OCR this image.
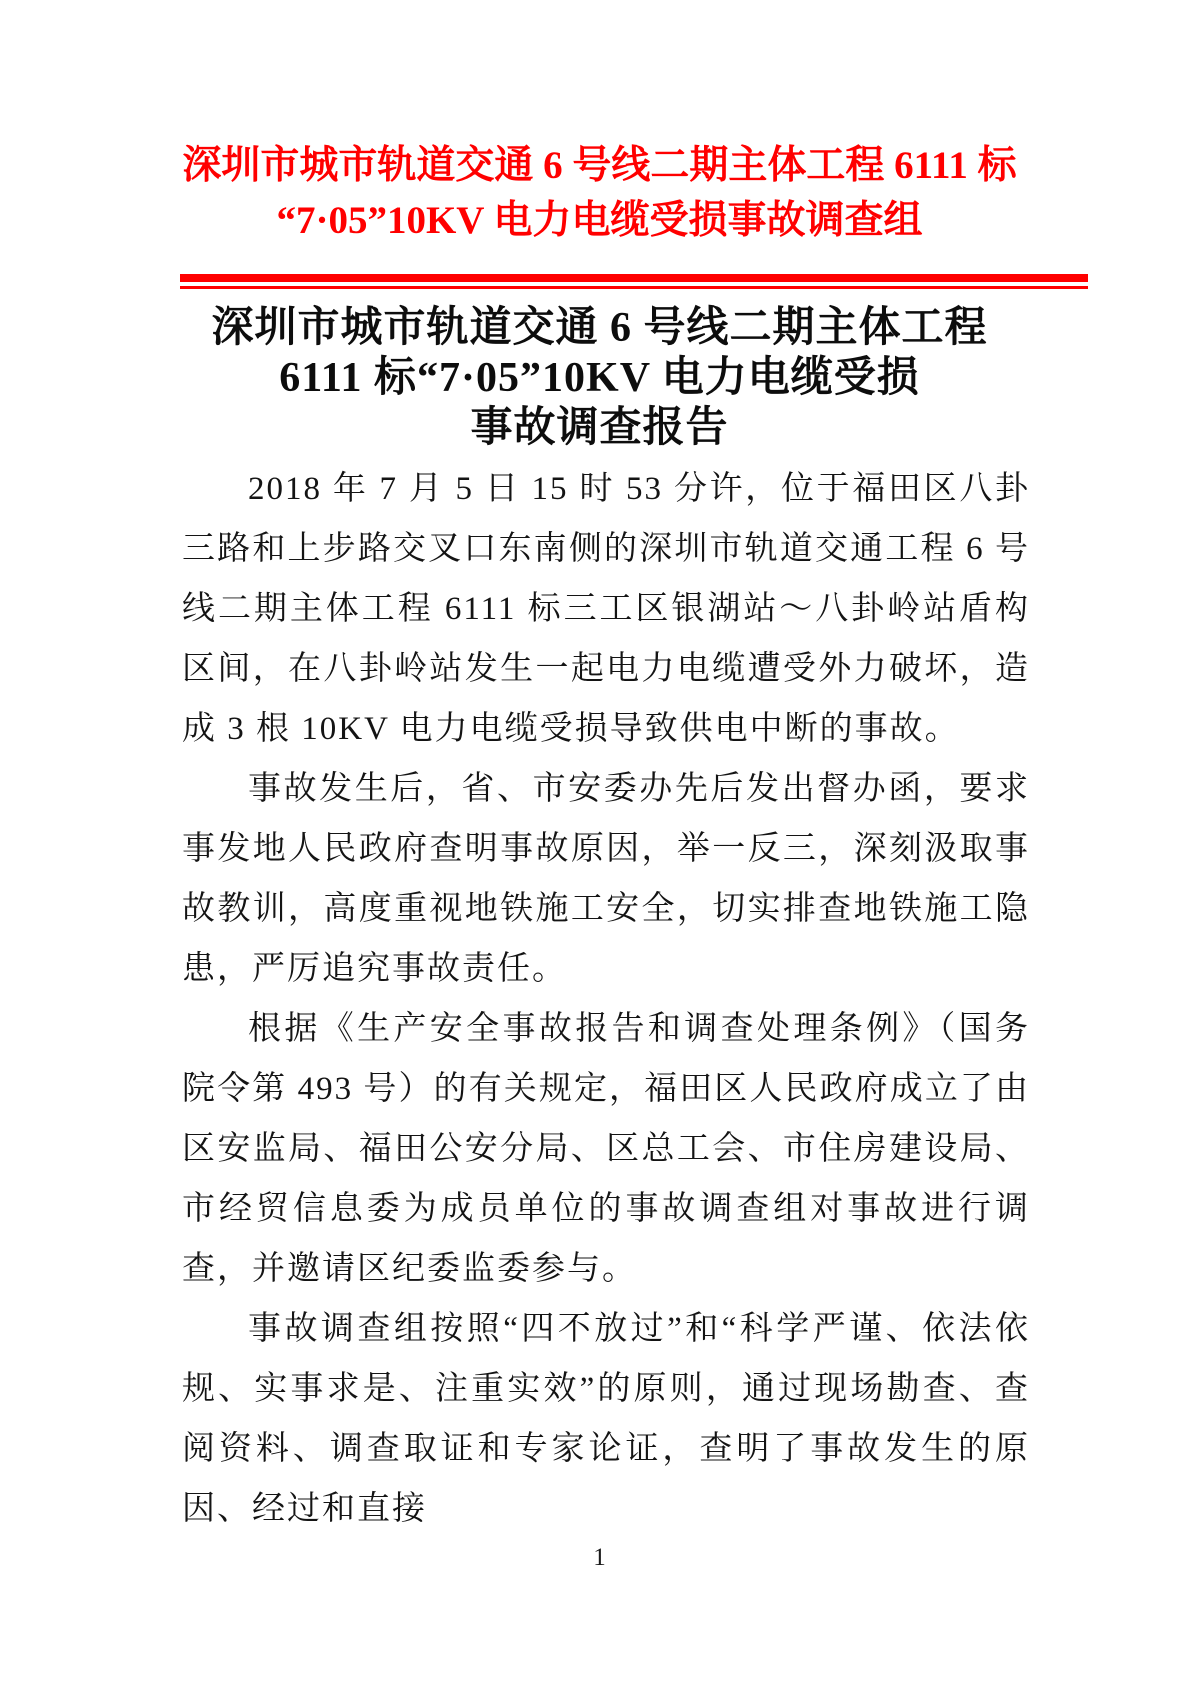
深圳市城市轨道交通 6 号线二期主体工程 6111 标
“7·05”10KV 电力电缆受损事故调查组
深圳市城市轨道交通 6 号线二期主体工程
6111 标“7·05”10KV 电力电缆受损
事故调查报告

2018 年 7 月 5 日 15 时 53 分许，位于福田区八卦三路和上步路交叉口东南侧的深圳市轨道交通工程 6 号线二期主体工程 6111 标三工区银湖站～八卦岭站盾构区间，在八卦岭站发生一起电力电缆遭受外力破坏，造成 3 根 10KV 电力电缆受损导致供电中断的事故。

事故发生后，省、市安委办先后发出督办函，要求事发地人民政府查明事故原因，举一反三，深刻汲取事故教训，高度重视地铁施工安全，切实排查地铁施工隐患，严厉追究事故责任。

根据《生产安全事故报告和调查处理条例》（国务院令第 493 号）的有关规定，福田区人民政府成立了由区安监局、福田公安分局、区总工会、市住房建设局、市经贸信息委为成员单位的事故调查组对事故进行调查，并邀请区纪委监委参与。

事故调查组按照“四不放过”和“科学严谨、依法依规、实事求是、注重实效”的原则，通过现场勘查、查阅资料、调查取证和专家论证，查明了事故发生的原因、经过和直接

1
